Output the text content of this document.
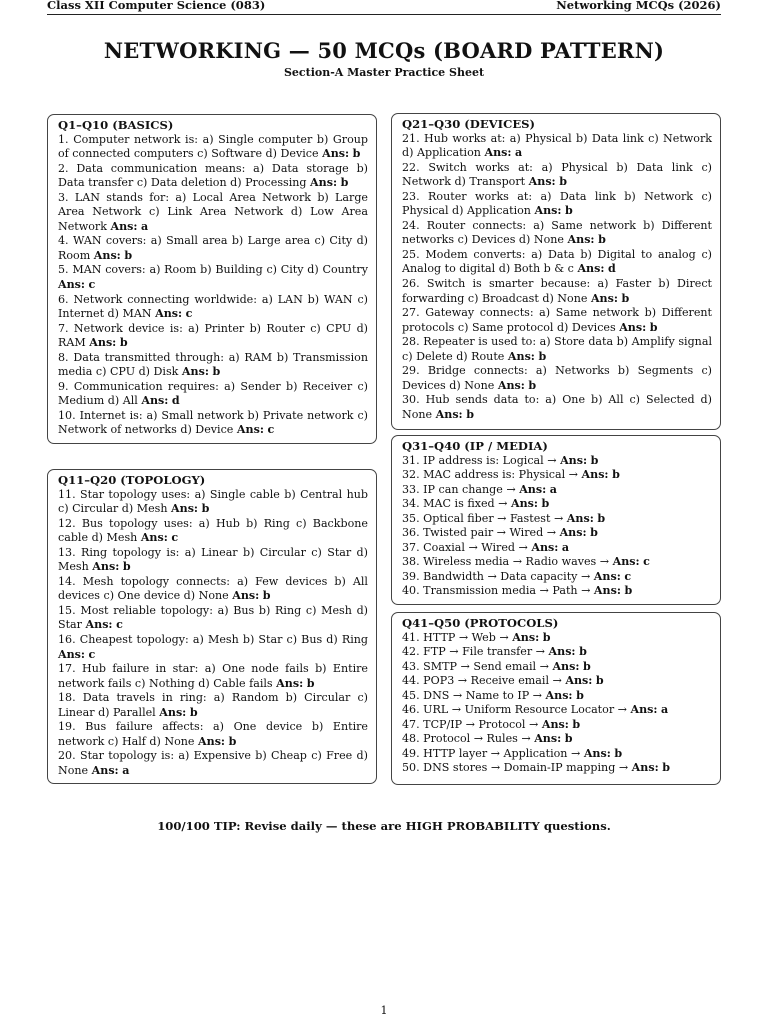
Class XII Computer Science (083)	Networking MCQs (2026)
NETWORKING — 50 MCQs (BOARD PATTERN)
Section-A Master Practice Sheet
Q1–Q10 (BASICS)

1. Computer network is: a) Single computer b) Group of connected computers c) Software d) Device Ans: b

2. Data communication means: a) Data storage b) Data transfer c) Data deletion d) Processing Ans: b

3. LAN stands for: a) Local Area Network b) Large Area Network c) Link Area Network d) Low Area Network Ans: a

4. WAN covers: a) Small area b) Large area c) City d) Room Ans: b

5. MAN covers: a) Room b) Building c) City d) Country Ans: c

6. Network connecting worldwide: a) LAN b) WAN c) Internet d) MAN Ans: c

7. Network device is: a) Printer b) Router c) CPU d) RAM Ans: b

8. Data transmitted through: a) RAM b) Transmission media c) CPU d) Disk Ans: b

9. Communication requires: a) Sender b) Receiver c) Medium d) All Ans: d

10. Internet is: a) Small network b) Private network c) Network of networks d) Device Ans: c

Q11–Q20 (TOPOLOGY)

11. Star topology uses: a) Single cable b) Central hub c) Circular d) Mesh Ans: b

12. Bus topology uses: a) Hub b) Ring c) Backbone cable d) Mesh Ans: c

13. Ring topology is: a) Linear b) Circular c) Star d) Mesh Ans: b

14. Mesh topology connects: a) Few devices b) All devices c) One device d) None Ans: b

15. Most reliable topology: a) Bus b) Ring c) Mesh d) Star Ans: c

16. Cheapest topology: a) Mesh b) Star c) Bus d) Ring Ans: c

17. Hub failure in star: a) One node fails b) Entire network fails c) Nothing d) Cable fails Ans: b

18. Data travels in ring: a) Random b) Circular c) Linear d) Parallel Ans: b

19. Bus failure affects: a) One device b) Entire network c) Half d) None Ans: b

20. Star topology is: a) Expensive b) Cheap c) Free d) None Ans: a

Q21–Q30 (DEVICES)

21. Hub works at: a) Physical b) Data link c) Network d) Application Ans: a

22. Switch works at: a) Physical b) Data link c) Network d) Transport Ans: b

23. Router works at: a) Data link b) Network c) Physical d) Application Ans: b

24. Router connects: a) Same network b) Different networks c) Devices d) None Ans: b

25. Modem converts: a) Data b) Digital to analog c) Analog to digital d) Both b & c Ans: d

26. Switch is smarter because: a) Faster b) Direct forwarding c) Broadcast d) None Ans: b

27. Gateway connects: a) Same network b) Different protocols c) Same protocol d) Devices Ans: b

28. Repeater is used to: a) Store data b) Amplify signal c) Delete d) Route Ans: b

29. Bridge connects: a) Networks b) Segments c) Devices d) None Ans: b

30. Hub sends data to: a) One b) All c) Selected d) None Ans: b

Q31–Q40 (IP / MEDIA)

31. IP address is: Logical → Ans: b

32. MAC address is: Physical → Ans: b

33. IP can change → Ans: a

34. MAC is fixed → Ans: b

35. Optical fiber → Fastest → Ans: b

36. Twisted pair → Wired → Ans: b

37. Coaxial → Wired → Ans: a

38. Wireless media → Radio waves → Ans: c

39. Bandwidth → Data capacity → Ans: c

40. Transmission media → Path → Ans: b

Q41–Q50 (PROTOCOLS)

41. HTTP → Web → Ans: b

42. FTP → File transfer → Ans: b

43. SMTP → Send email → Ans: b

44. POP3 → Receive email → Ans: b

45. DNS → Name to IP → Ans: b

46. URL → Uniform Resource Locator → Ans: a

47. TCP/IP → Protocol → Ans: b

48. Protocol → Rules → Ans: b

49. HTTP layer → Application → Ans: b

50. DNS stores → Domain-IP mapping → Ans: b

100/100 TIP: Revise daily — these are HIGH PROBABILITY questions.
1
